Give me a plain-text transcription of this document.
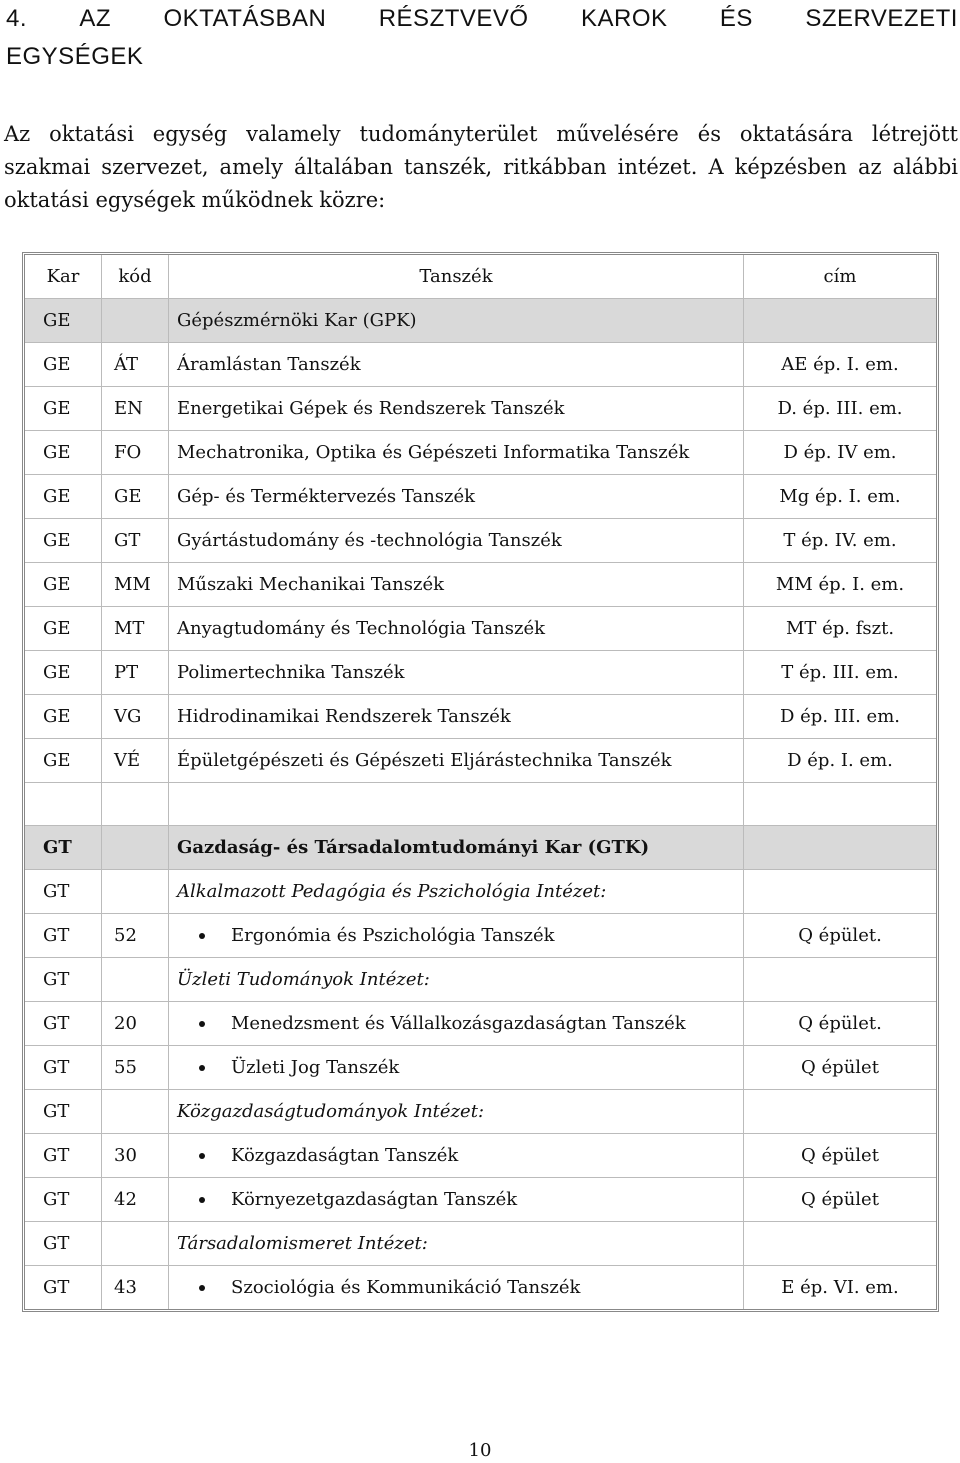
4. AZ OKTATÁSBAN RÉSZTVEVŐ KAROK ÉS SZERVEZETI
EGYSÉGEK
Az oktatási egység valamely tudományterület művelésére és oktatására létrejött
szakmai szervezet, amely általában tanszék, ritkábban intézet. A képzésben az alábbi
oktatási egységek működnek közre:
Kar	kód	Tanszék	cím
GE		Gépészmérnöki Kar (GPK)	
GE	ÁT	Áramlástan Tanszék	AE ép. I. em.
GE	EN	Energetikai Gépek és Rendszerek Tanszék	D. ép. III. em.
GE	FO	Mechatronika, Optika és Gépészeti Informatika Tanszék	D ép. IV em.
GE	GE	Gép- és Terméktervezés Tanszék	Mg ép. I. em.
GE	GT	Gyártástudomány és -technológia Tanszék	T ép. IV. em.
GE	MM	Műszaki Mechanikai Tanszék	MM ép. I. em.
GE	MT	Anyagtudomány és Technológia Tanszék	MT ép. fszt.
GE	PT	Polimertechnika Tanszék	T ép. III. em.
GE	VG	Hidrodinamikai Rendszerek Tanszék	D ép. III. em.
GE	VÉ	Épületgépészeti és Gépészeti Eljárástechnika Tanszék	D ép. I. em.

GT		Gazdaság- és Társadalomtudományi Kar (GTK)	
GT		Alkalmazott Pedagógia és Pszichológia Intézet:	
GT	52	Ergonómia és Pszichológia Tanszék	Q épület.
GT		Üzleti Tudományok Intézet:	
GT	20	Menedzsment és Vállalkozásgazdaságtan Tanszék	Q épület.
GT	55	Üzleti Jog Tanszék	Q épület
GT		Közgazdaságtudományok Intézet:	
GT	30	Közgazdaságtan Tanszék	Q épület
GT	42	Környezetgazdaságtan Tanszék	Q épület
GT		Társadalomismeret Intézet:	
GT	43	Szociológia és Kommunikáció Tanszék	E ép. VI. em.
10
